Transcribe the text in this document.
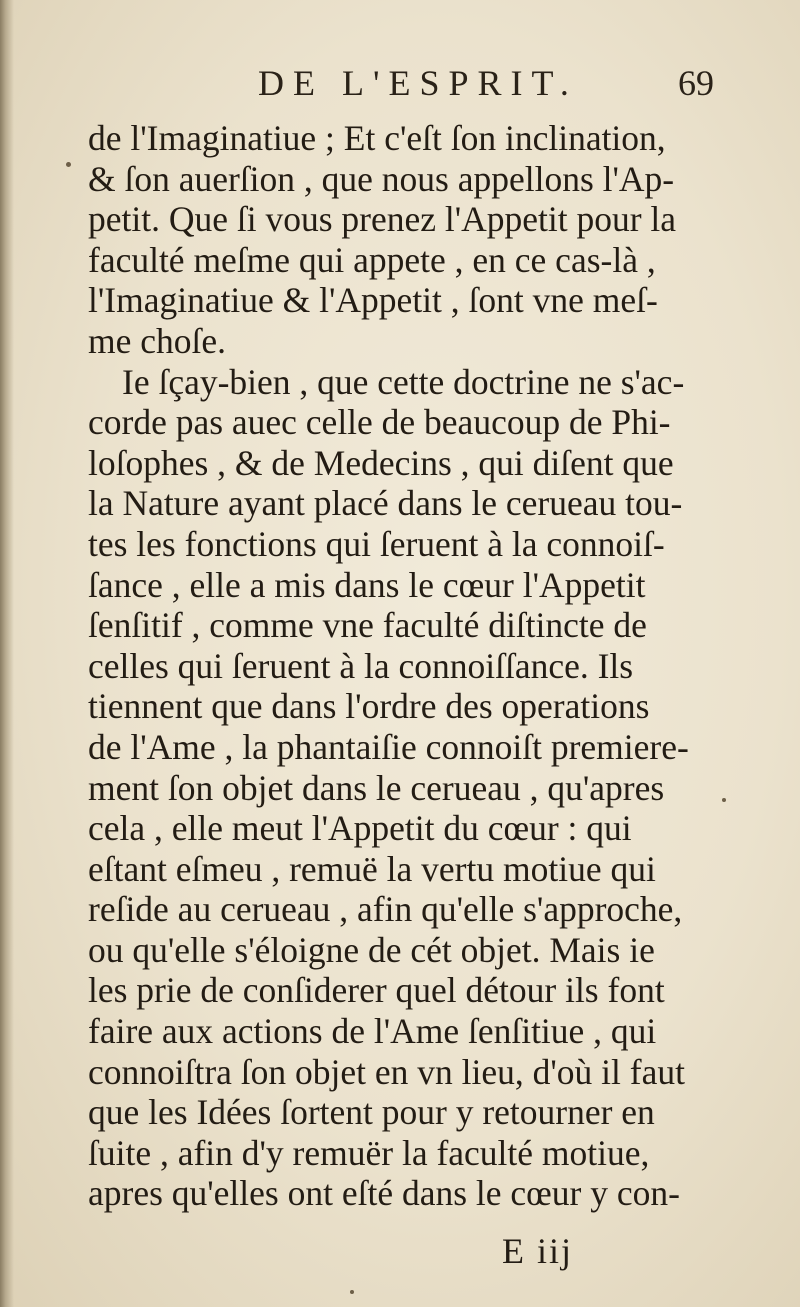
DE L'ESPRIT.	69
de l'Imaginatiue ; Et c'eſt ſon inclination,
& ſon auerſion , que nous appellons l'Ap-
petit. Que ſi vous prenez l'Appetit pour la
faculté meſme qui appete , en ce cas-là ,
l'Imaginatiue & l'Appetit , ſont vne meſ-
me choſe.
Ie ſçay-bien , que cette doctrine ne s'ac-
corde pas auec celle de beaucoup de Phi-
loſophes , & de Medecins , qui diſent que
la Nature ayant placé dans le cerueau tou-
tes les fonctions qui ſeruent à la connoiſ-
ſance , elle a mis dans le cœur l'Appetit
ſenſitif , comme vne faculté diſtincte de
celles qui ſeruent à la connoiſſance. Ils
tiennent que dans l'ordre des operations
de l'Ame , la phantaiſie connoiſt premiere-
ment ſon objet dans le cerueau , qu'apres
cela , elle meut l'Appetit du cœur : qui
eſtant eſmeu , remuë la vertu motiue qui
reſide au cerueau , afin qu'elle s'approche,
ou qu'elle s'éloigne de cét objet. Mais ie
les prie de conſiderer quel détour ils font
faire aux actions de l'Ame ſenſitiue , qui
connoiſtra ſon objet en vn lieu, d'où il faut
que les Idées ſortent pour y retourner en
ſuite , afin d'y remuër la faculté motiue,
apres qu'elles ont eſté dans le cœur y con-
E iij
